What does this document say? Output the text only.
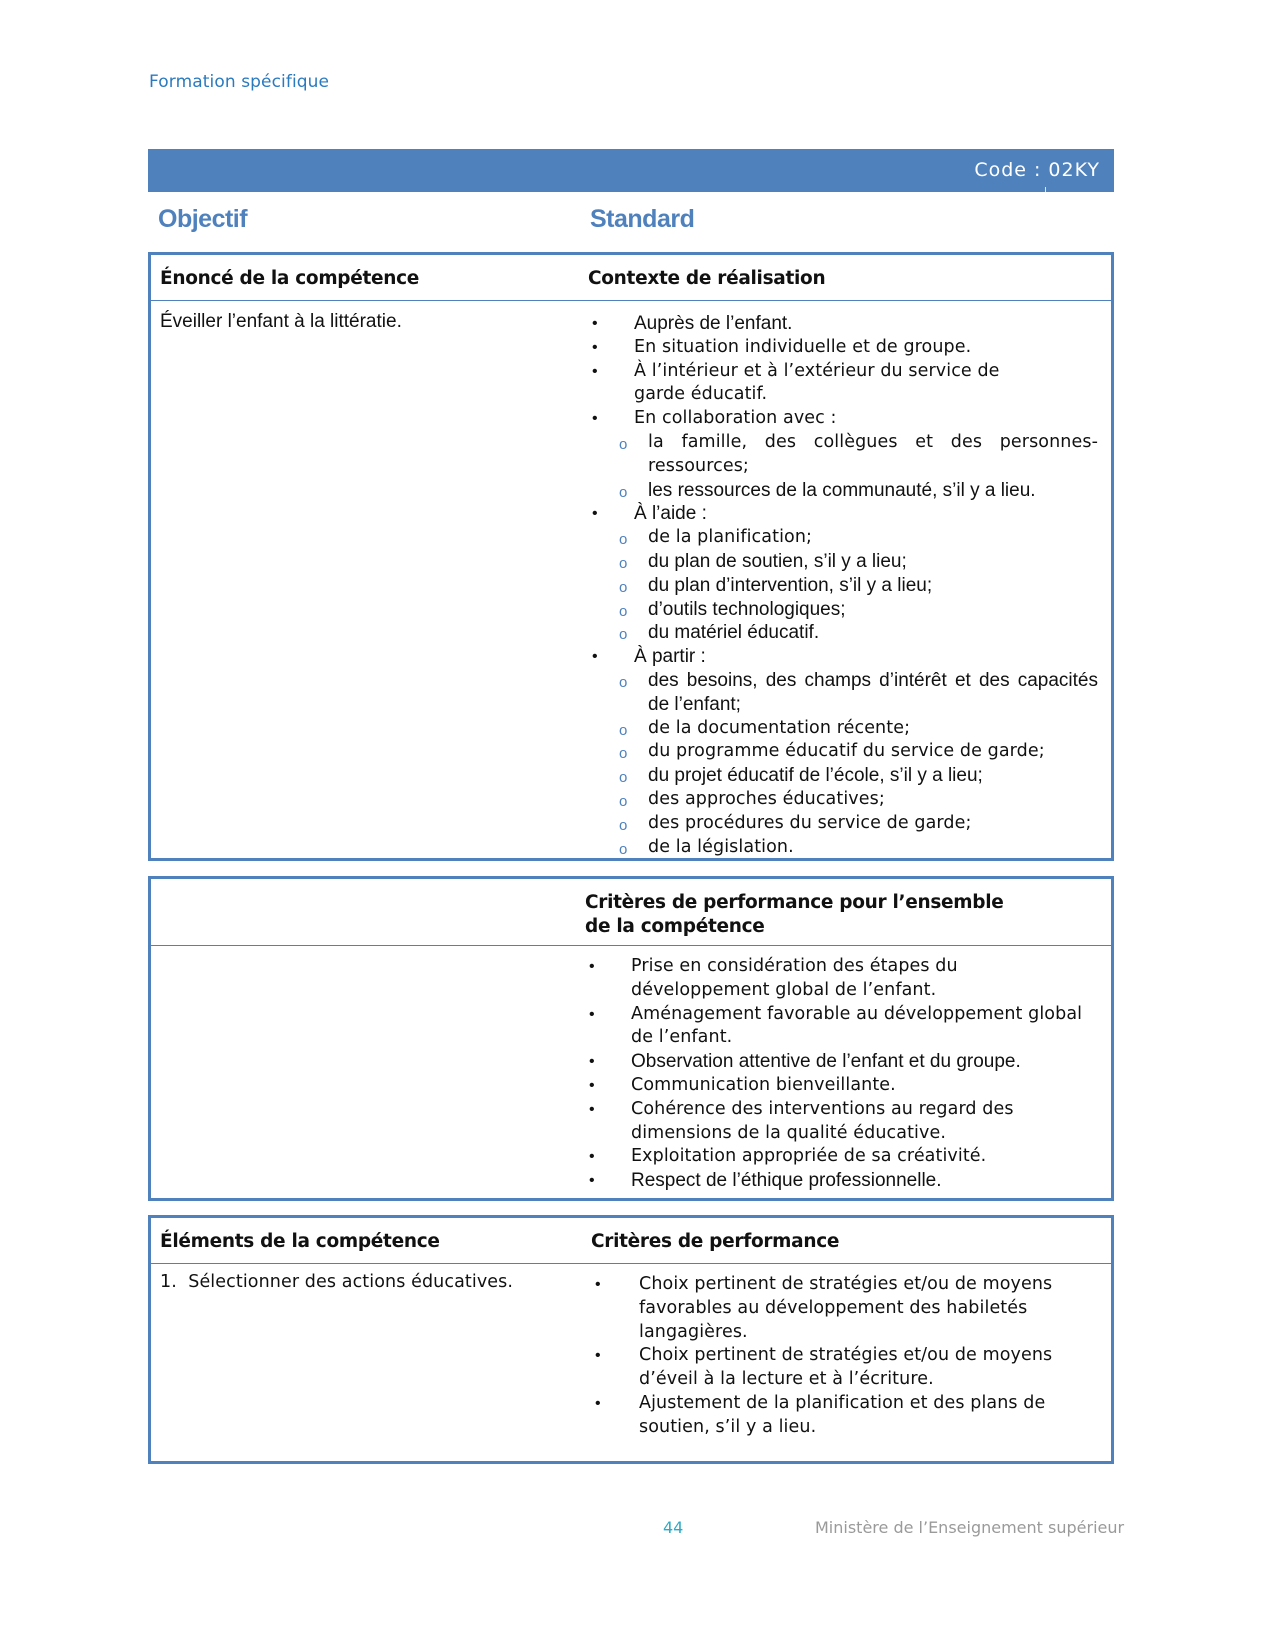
Formation spécifique
Code : 02KY
Objectif	Standard
Énoncé de la compétence	Contexte de réalisation
Éveiller l’enfant à la littératie.	•	Auprès de l’enfant.
•	En situation individuelle et de groupe.
•	À l’intérieur et à l’extérieur du service de garde éducatif.
•	En collaboration avec :
o la famille, des collègues et des personnes-ressources;
o les ressources de la communauté, s’il y a lieu.
•	À l’aide :
o de la planification;
o du plan de soutien, s’il y a lieu;
o du plan d’intervention, s’il y a lieu;
o d’outils technologiques;
o du matériel éducatif.
•	À partir :
o des besoins, des champs d’intérêt et des capacités de l’enfant;
o de la documentation récente;
o du programme éducatif du service de garde;
o du projet éducatif de l’école, s’il y a lieu;
o des approches éducatives;
o des procédures du service de garde;
o de la législation.
Critères de performance pour l’ensemble
de la compétence
•	Prise en considération des étapes du développement global de l’enfant.
•	Aménagement favorable au développement global de l’enfant.
•	Observation attentive de l’enfant et du groupe.
•	Communication bienveillante.
•	Cohérence des interventions au regard des dimensions de la qualité éducative.
•	Exploitation appropriée de sa créativité.
•	Respect de l’éthique professionnelle.
Éléments de la compétence	Critères de performance
1. Sélectionner des actions éducatives.	•	Choix pertinent de stratégies et/ou de moyens favorables au développement des habiletés langagières.
•	Choix pertinent de stratégies et/ou de moyens d’éveil à la lecture et à l’écriture.
•	Ajustement de la planification et des plans de soutien, s’il y a lieu.
44	Ministère de l’Enseignement supérieur
